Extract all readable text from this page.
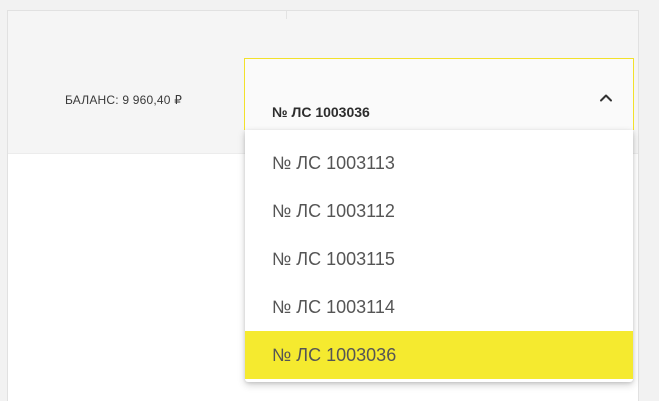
БАЛАНС: 9 960,40 ₽
№ ЛС 1003036
№ ЛС 1003113
№ ЛС 1003112
№ ЛС 1003115
№ ЛС 1003114
№ ЛС 1003036
